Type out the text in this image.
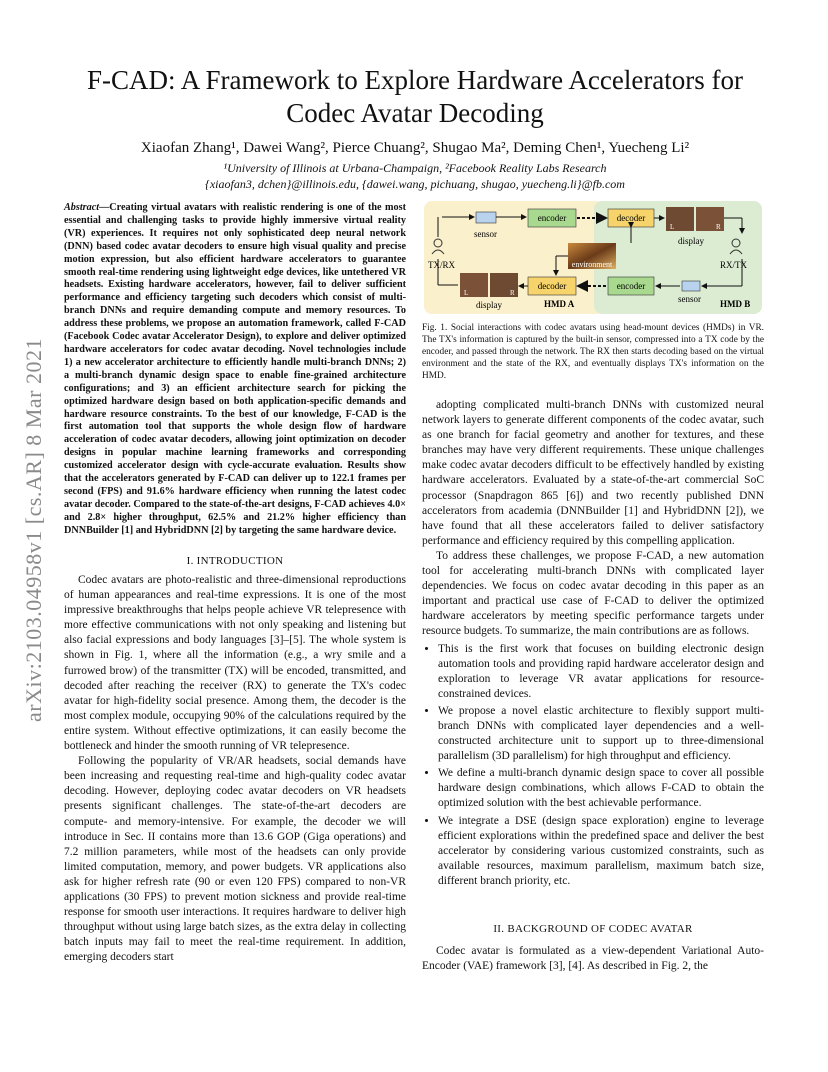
arXiv:2103.04958v1 [cs.AR] 8 Mar 2021
F-CAD: A Framework to Explore Hardware Accelerators for Codec Avatar Decoding
Xiaofan Zhang¹, Dawei Wang², Pierce Chuang², Shugao Ma², Deming Chen¹, Yuecheng Li²
¹University of Illinois at Urbana-Champaign, ²Facebook Reality Labs Research
{xiaofan3, dchen}@illinois.edu, {dawei.wang, pichuang, shugao, yuecheng.li}@fb.com
Abstract—Creating virtual avatars with realistic rendering is one of the most essential and challenging tasks to provide highly immersive virtual reality (VR) experiences. It requires not only sophisticated deep neural network (DNN) based codec avatar decoders to ensure high visual quality and precise motion expression, but also efficient hardware accelerators to guarantee smooth real-time rendering using lightweight edge devices, like untethered VR headsets. Existing hardware accelerators, however, fail to deliver sufficient performance and efficiency targeting such decoders which consist of multi-branch DNNs and require demanding compute and memory resources. To address these problems, we propose an automation framework, called F-CAD (Facebook Codec avatar Accelerator Design), to explore and deliver optimized hardware accelerators for codec avatar decoding. Novel technologies include 1) a new accelerator architecture to efficiently handle multi-branch DNNs; 2) a multi-branch dynamic design space to enable fine-grained architecture configurations; and 3) an efficient architecture search for picking the optimized hardware design based on both application-specific demands and hardware resource constraints. To the best of our knowledge, F-CAD is the first automation tool that supports the whole design flow of hardware acceleration of codec avatar decoders, allowing joint optimization on decoder designs in popular machine learning frameworks and corresponding customized accelerator design with cycle-accurate evaluation. Results show that the accelerators generated by F-CAD can deliver up to 122.1 frames per second (FPS) and 91.6% hardware efficiency when running the latest codec avatar decoder. Compared to the state-of-the-art designs, F-CAD achieves 4.0× and 2.8× higher throughput, 62.5% and 21.2% higher efficiency than DNNBuilder [1] and HybridDNN [2] by targeting the same hardware device.
I. INTRODUCTION

Codec avatars are photo-realistic and three-dimensional reproductions of human appearances and real-time expressions. It is one of the most impressive breakthroughs that helps people achieve VR telepresence with more effective communications with not only speaking and listening but also facial expressions and body languages [3]–[5]. The whole system is shown in Fig. 1, where all the information (e.g., a wry smile and a furrowed brow) of the transmitter (TX) will be encoded, transmitted, and decoded after reaching the receiver (RX) to generate the TX's codec avatar for high-fidelity social presence. Among them, the decoder is the most complex module, occupying 90% of the calculations required by the entire system. Without effective optimizations, it can easily become the bottleneck and hinder the smooth running of VR telepresence.

Following the popularity of VR/AR headsets, social demands have been increasing and requesting real-time and high-quality codec avatar decoding. However, deploying codec avatar decoders on VR headsets presents significant challenges. The state-of-the-art decoders are compute- and memory-intensive. For example, the decoder we will introduce in Sec. II contains more than 13.6 GOP (Giga operations) and 7.2 million parameters, while most of the headsets can only provide limited computation, memory, and power budgets. VR applications also ask for higher refresh rate (90 or even 120 FPS) compared to non-VR applications (30 FPS) to prevent motion sickness and provide real-time response for smooth user interactions. It requires hardware to deliver high throughput without using large batch sizes, as the extra delay in collecting batch inputs may fail to meet the real-time requirement. In addition, emerging decoders start

sensor
encoder	decoder
L	R
display
TX/RX	RX/TX
environment
decoder	encoder
sensor HMD B
L	R
display	HMD A
Fig. 1. Social interactions with codec avatars using head-mount devices (HMDs) in VR. The TX's information is captured by the built-in sensor, compressed into a TX code by the encoder, and passed through the network. The RX then starts decoding based on the virtual environment and the state of the RX, and eventually displays TX's information on the HMD.

adopting complicated multi-branch DNNs with customized neural network layers to generate different components of the codec avatar, such as one branch for facial geometry and another for textures, and these branches may have very different requirements. These unique challenges make codec avatar decoders difficult to be effectively handled by existing hardware accelerators. Evaluated by a state-of-the-art commercial SoC processor (Snapdragon 865 [6]) and two recently published DNN accelerators from academia (DNNBuilder [1] and HybridDNN [2]), we have found that all these accelerators failed to deliver satisfactory performance and efficiency required by this compelling application.

To address these challenges, we propose F-CAD, a new automation tool for accelerating multi-branch DNNs with complicated layer dependencies. We focus on codec avatar decoding in this paper as an important and practical use case of F-CAD to deliver the optimized hardware accelerators by meeting specific performance targets under resource budgets. To summarize, the main contributions are as follows.

• This is the first work that focuses on building electronic design automation tools and providing rapid hardware accelerator design and exploration to leverage VR avatar applications for resource-constrained devices.
• We propose a novel elastic architecture to flexibly support multi-branch DNNs with complicated layer dependencies and a well-constructed architecture unit to support up to three-dimensional parallelism (3D parallelism) for high throughput and efficiency.
• We define a multi-branch dynamic design space to cover all possible hardware design combinations, which allows F-CAD to obtain the optimized solution with the best achievable performance.
• We integrate a DSE (design space exploration) engine to leverage efficient explorations within the predefined space and deliver the best accelerator by considering various customized constraints, such as available resources, maximum parallelism, maximum batch size, different branch priority, etc.
II. BACKGROUND OF CODEC AVATAR

Codec avatar is formulated as a view-dependent Variational Auto-Encoder (VAE) framework [3], [4]. As described in Fig. 2, the
